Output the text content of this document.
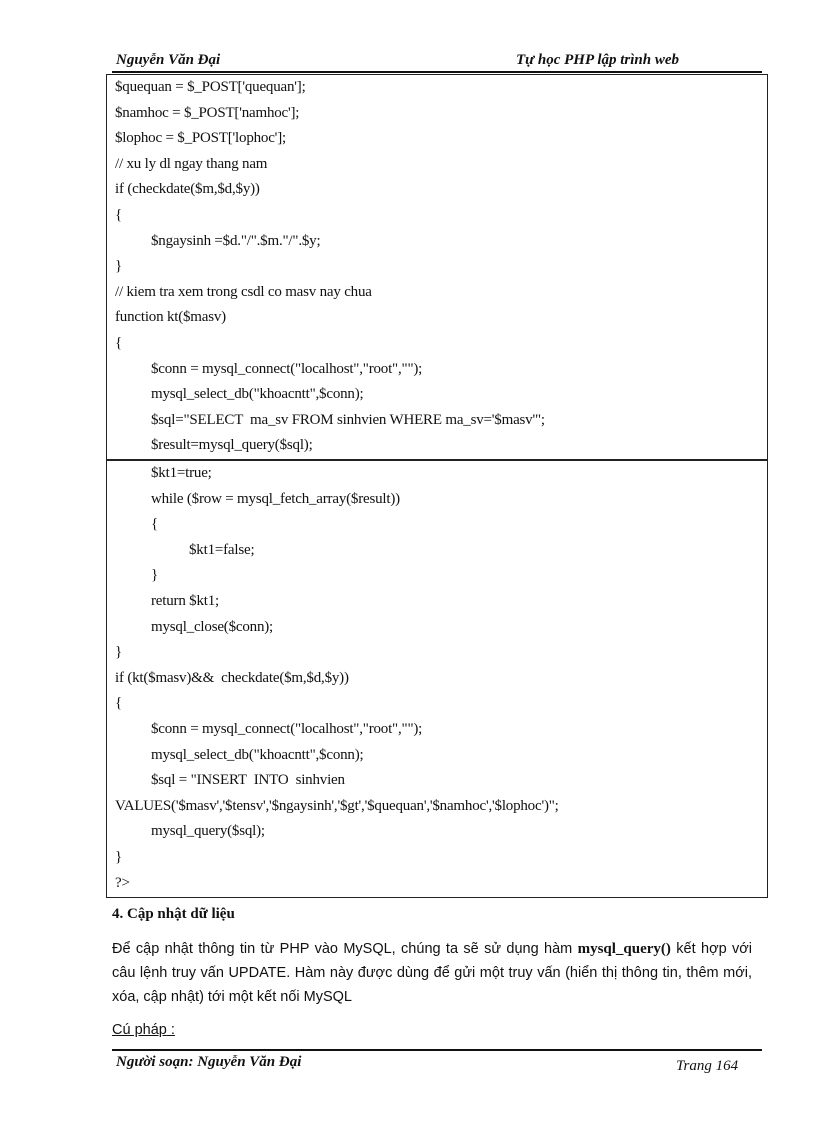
Nguyễn Văn Đại	Tự học PHP lập trình web
$quequan = $_POST['quequan'];
$namhoc = $_POST['namhoc'];
$lophoc = $_POST['lophoc'];
// xu ly dl ngay thang nam
if (checkdate($m,$d,$y))
{
$ngaysinh =$d."/".$m."/".$y;
}
// kiem tra xem trong csdl co masv nay chua
function kt($masv)
{
$conn = mysql_connect("localhost","root","");
mysql_select_db("khoacntt",$conn);
$sql="SELECT  ma_sv FROM sinhvien WHERE ma_sv='$masv'";
$result=mysql_query($sql);
$kt1=true;
while ($row = mysql_fetch_array($result))
{
$kt1=false;
}
return $kt1;
mysql_close($conn);
}
if (kt($masv)&&  checkdate($m,$d,$y))
{
$conn = mysql_connect("localhost","root","");
mysql_select_db("khoacntt",$conn);
$sql = "INSERT  INTO  sinhvien
VALUES('$masv','$tensv','$ngaysinh','$gt','$quequan','$namhoc','$lophoc')";
mysql_query($sql);
}
?>
4. Cập nhật dữ liệu
Để cập nhật thông tin từ PHP vào MySQL, chúng ta sẽ sử dụng hàm mysql_query() kết hợp với câu lệnh truy vấn UPDATE. Hàm này được dùng để gửi một truy vấn (hiển thị thông tin, thêm mới, xóa, cập nhật) tới một kết nối MySQL
Cú pháp :
Người soạn: Nguyễn Văn Đại	Trang 164
